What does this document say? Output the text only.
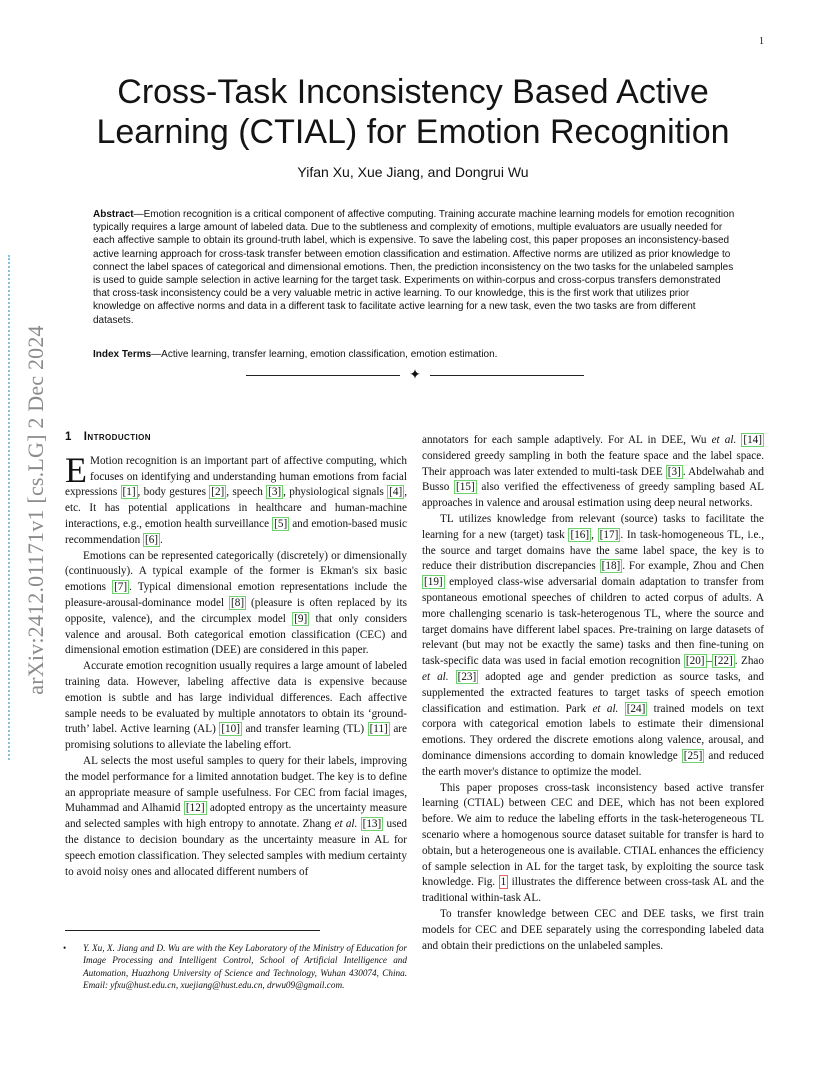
1
arXiv:2412.01171v1 [cs.LG] 2 Dec 2024
Cross-Task Inconsistency Based Active Learning (CTIAL) for Emotion Recognition
Yifan Xu, Xue Jiang, and Dongrui Wu
Abstract—Emotion recognition is a critical component of affective computing. Training accurate machine learning models for emotion recognition typically requires a large amount of labeled data. Due to the subtleness and complexity of emotions, multiple evaluators are usually needed for each affective sample to obtain its ground-truth label, which is expensive. To save the labeling cost, this paper proposes an inconsistency-based active learning approach for cross-task transfer between emotion classification and estimation. Affective norms are utilized as prior knowledge to connect the label spaces of categorical and dimensional emotions. Then, the prediction inconsistency on the two tasks for the unlabeled samples is used to guide sample selection in active learning for the target task. Experiments on within-corpus and cross-corpus transfers demonstrated that cross-task inconsistency could be a very valuable metric in active learning. To our knowledge, this is the first work that utilizes prior knowledge on affective norms and data in a different task to facilitate active learning for a new task, even the two tasks are from different datasets.
Index Terms—Active learning, transfer learning, emotion classification, emotion estimation.
✦
1 Introduction

E Motion recognition is an important part of affective computing, which focuses on identifying and understanding human emotions from facial expressions [1] , body gestures [2] , speech [3] , physiological signals [4] , etc. It has potential applications in healthcare and human-machine interactions, e.g., emotion health surveillance [5] and emotion-based music recommendation [6] .

Emotions can be represented categorically (discretely) or dimensionally (continuously). A typical example of the former is Ekman's six basic emotions [7] . Typical dimensional emotion representations include the pleasure-arousal-dominance model [8] (pleasure is often replaced by its opposite, valence), and the circumplex model [9] that only considers valence and arousal. Both categorical emotion classification (CEC) and dimensional emotion estimation (DEE) are considered in this paper.

Accurate emotion recognition usually requires a large amount of labeled training data. However, labeling affective data is expensive because emotion is subtle and has large individual differences. Each affective sample needs to be evaluated by multiple annotators to obtain its ‘ground-truth’ label. Active learning (AL) [10] and transfer learning (TL) [11] are promising solutions to alleviate the labeling effort.

AL selects the most useful samples to query for their labels, improving the model performance for a limited annotation budget. The key is to define an appropriate measure of sample usefulness. For CEC from facial images, Muhammad and Alhamid [12] adopted entropy as the uncertainty measure and selected samples with high entropy to annotate. Zhang et al. [13] used the distance to decision boundary as the uncertainty measure in AL for speech emotion classification. They selected samples with medium certainty to avoid noisy ones and allocated different numbers of

• Y. Xu, X. Jiang and D. Wu are with the Key Laboratory of the Ministry of Education for Image Processing and Intelligent Control, School of Artificial Intelligence and Automation, Huazhong University of Science and Technology, Wuhan 430074, China. Email: yfxu@hust.edu.cn, xuejiang@hust.edu.cn, drwu09@gmail.com.

annotators for each sample adaptively. For AL in DEE, Wu et al. [14] considered greedy sampling in both the feature space and the label space. Their approach was later extended to multi-task DEE [3] . Abdelwahab and Busso [15] also verified the effectiveness of greedy sampling based AL approaches in valence and arousal estimation using deep neural networks.

TL utilizes knowledge from relevant (source) tasks to facilitate the learning for a new (target) task [16] , [17] . In task-homogeneous TL, i.e., the source and target domains have the same label space, the key is to reduce their distribution discrepancies [18] . For example, Zhou and Chen [19] employed class-wise adversarial domain adaptation to transfer from spontaneous emotional speeches of children to acted corpus of adults. A more challenging scenario is task-heterogenous TL, where the source and target domains have different label spaces. Pre-training on large datasets of relevant (but may not be exactly the same) tasks and then fine-tuning on task-specific data was used in facial emotion recognition [20] – [22] . Zhao et al. [23] adopted age and gender prediction as source tasks, and supplemented the extracted features to target tasks of speech emotion classification and estimation. Park et al. [24] trained models on text corpora with categorical emotion labels to estimate their dimensional emotions. They ordered the discrete emotions along valence, arousal, and dominance dimensions according to domain knowledge [25] and reduced the earth mover's distance to optimize the model.

This paper proposes cross-task inconsistency based active transfer learning (CTIAL) between CEC and DEE, which has not been explored before. We aim to reduce the labeling efforts in the task-heterogeneous TL scenario where a homogenous source dataset suitable for transfer is hard to obtain, but a heterogeneous one is available. CTIAL enhances the efficiency of sample selection in AL for the target task, by exploiting the source task knowledge. Fig. 1 illustrates the difference between cross-task AL and the traditional within-task AL.

To transfer knowledge between CEC and DEE tasks, we first train models for CEC and DEE separately using the corresponding labeled data and obtain their predictions on the unlabeled samples.
